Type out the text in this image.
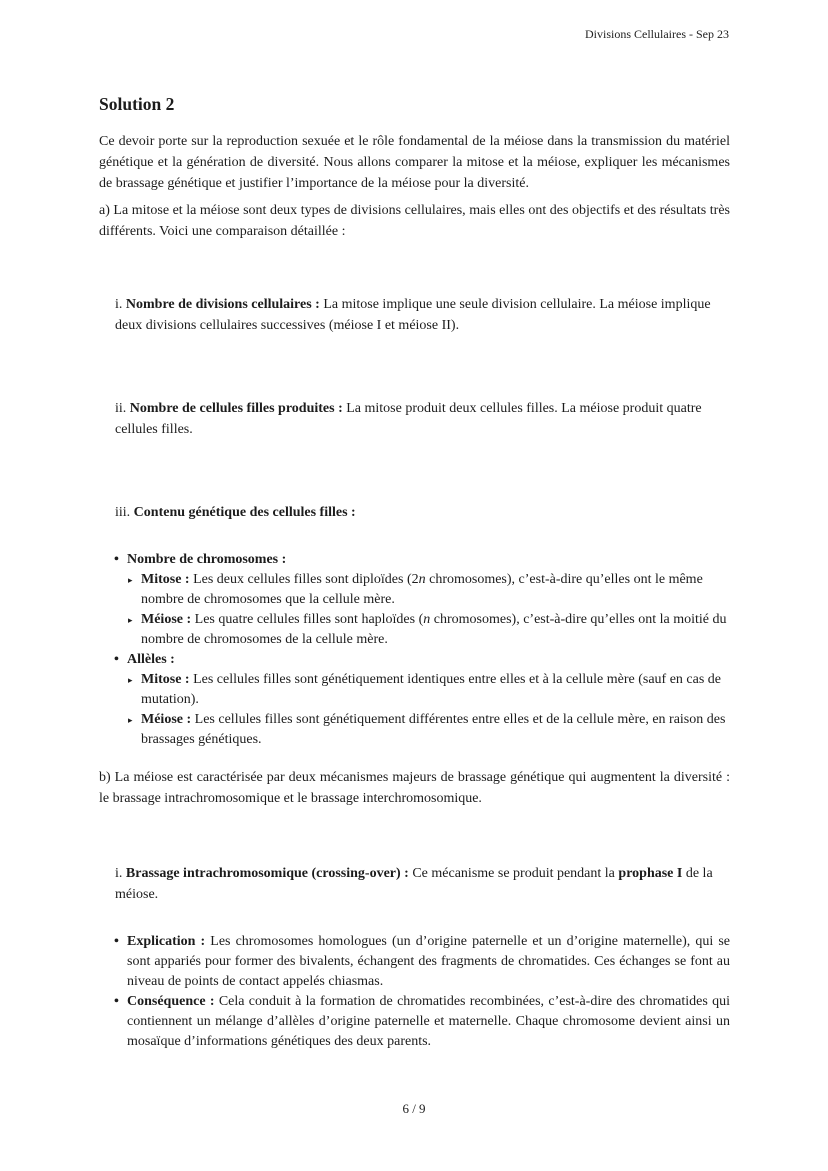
Divisions Cellulaires - Sep 23
Solution 2
Ce devoir porte sur la reproduction sexuée et le rôle fondamental de la méiose dans la transmission du matériel génétique et la génération de diversité. Nous allons comparer la mitose et la méiose, expliquer les mécanismes de brassage génétique et justifier l’importance de la méiose pour la diversité.
a) La mitose et la méiose sont deux types de divisions cellulaires, mais elles ont des objectifs et des résultats très différents. Voici une comparaison détaillée :
i. Nombre de divisions cellulaires : La mitose implique une seule division cellulaire. La méiose implique deux divisions cellulaires successives (méiose I et méiose II).
ii. Nombre de cellules filles produites : La mitose produit deux cellules filles. La méiose produit quatre cellules filles.
iii. Contenu génétique des cellules filles :
• Nombre de chromosomes :
▸ Mitose : Les deux cellules filles sont diploïdes (2n chromosomes), c’est-à-dire qu’elles ont le même nombre de chromosomes que la cellule mère.
▸ Méiose : Les quatre cellules filles sont haploïdes (n chromosomes), c’est-à-dire qu’elles ont la moitié du nombre de chromosomes de la cellule mère.
• Allèles :
▸ Mitose : Les cellules filles sont génétiquement identiques entre elles et à la cellule mère (sauf en cas de mutation).
▸ Méiose : Les cellules filles sont génétiquement différentes entre elles et de la cellule mère, en raison des brassages génétiques.
b) La méiose est caractérisée par deux mécanismes majeurs de brassage génétique qui augmentent la diversité : le brassage intrachromosomique et le brassage interchromosomique.
i. Brassage intrachromosomique (crossing-over) : Ce mécanisme se produit pendant la prophase I de la méiose.
• Explication : Les chromosomes homologues (un d’origine paternelle et un d’origine maternelle), qui se sont appariés pour former des bivalents, échangent des fragments de chromatides. Ces échanges se font au niveau de points de contact appelés chiasmas.
• Conséquence : Cela conduit à la formation de chromatides recombinées, c’est-à-dire des chromatides qui contiennent un mélange d’allèles d’origine paternelle et maternelle. Chaque chromosome devient ainsi un mosaïque d’informations génétiques des deux parents.
6 / 9
